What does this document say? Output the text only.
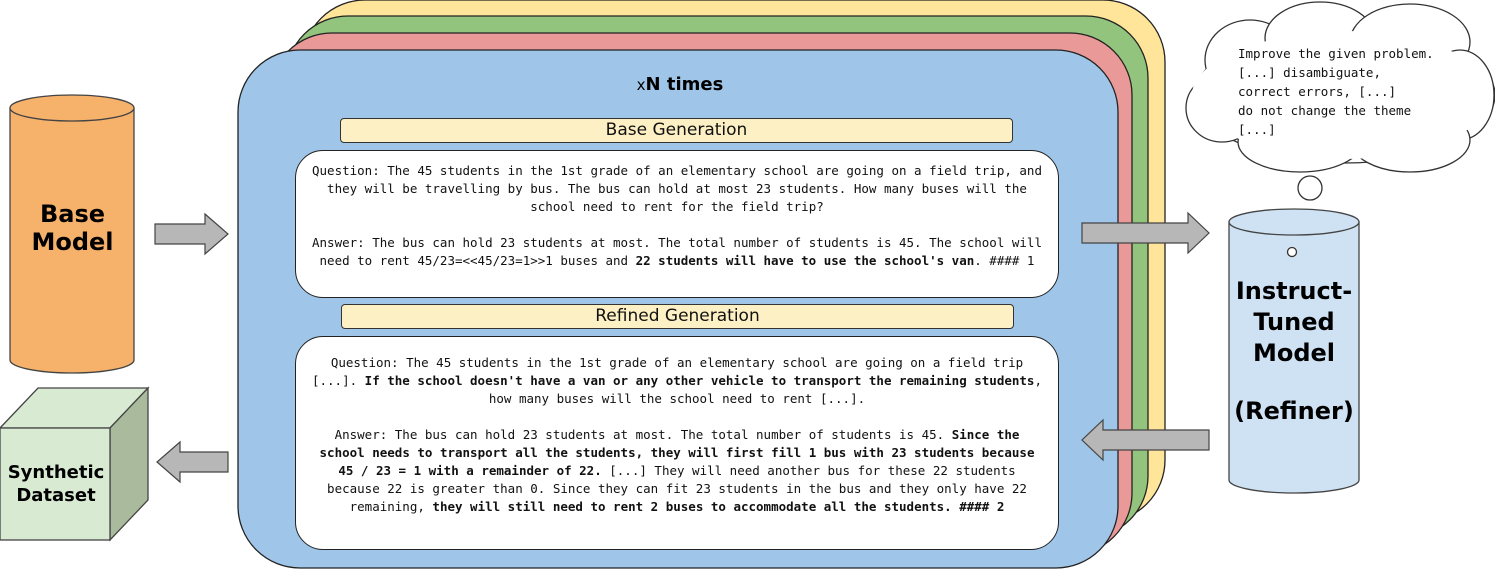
Base
Model
Instruct-
Tuned
Model
(Refiner)
Synthetic
Dataset
xN times
Base Generation

Question: The 45 students in the 1st grade of an elementary school are going on a field trip, and they will be travelling by bus. The bus can hold at most 23 students. How many buses will the school need to rent for the field trip?

Answer: The bus can hold 23 students at most. The total number of students is 45. The school will need to rent 45/23=<<45/23=1>>1 buses and 22 students will have to use the school's van. #### 1

Refined Generation

Question: The 45 students in the 1st grade of an elementary school are going on a field trip [...]. If the school doesn't have a van or any other vehicle to transport the remaining students, how many buses will the school need to rent [...].

Answer: The bus can hold 23 students at most. The total number of students is 45. Since the school needs to transport all the students, they will first fill 1 bus with 23 students because 45 / 23 = 1 with a remainder of 22. [...] They will need another bus for these 22 students because 22 is greater than 0. Since they can fit 23 students in the bus and they only have 22 remaining, they will still need to rent 2 buses to accommodate all the students. #### 2

Improve the given problem.
[...] disambiguate,
correct errors, [...]
do not change the theme
[...]
